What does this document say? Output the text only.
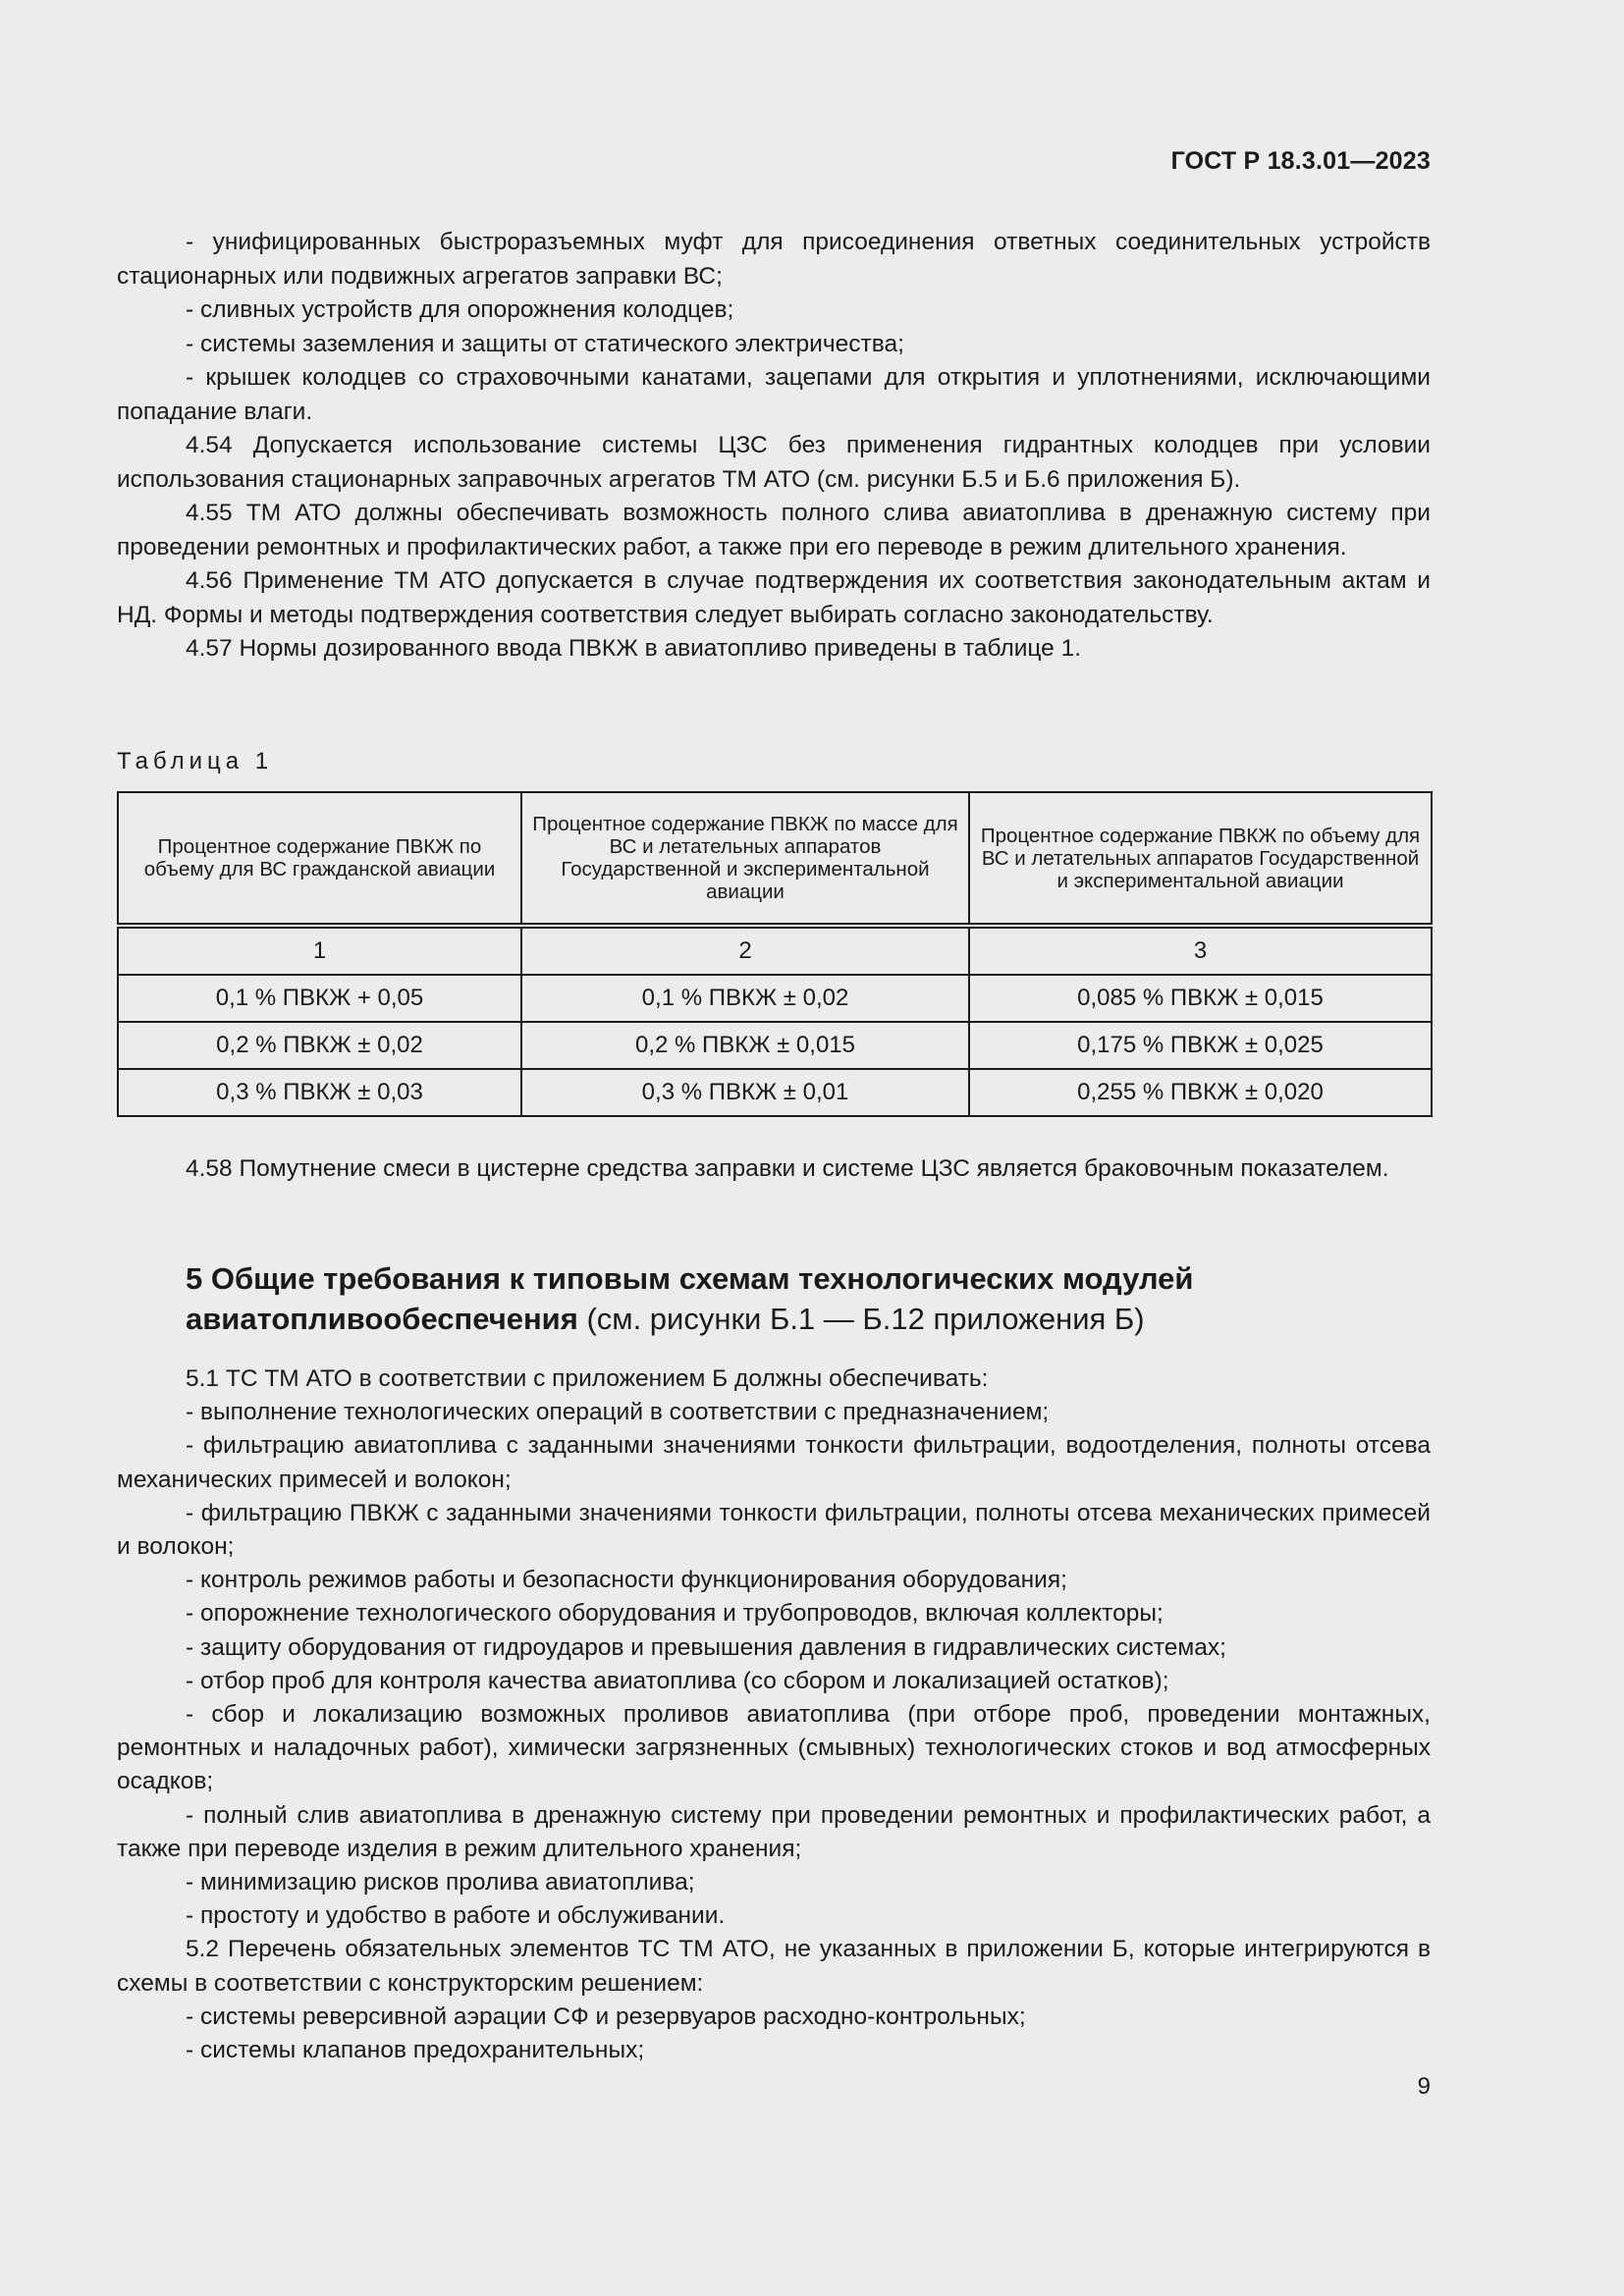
ГОСТ Р 18.3.01—2023

- унифицированных быстроразъемных муфт для присоединения ответных соединительных устройств стационарных или подвижных агрегатов заправки ВС;

- сливных устройств для опорожнения колодцев;

- системы заземления и защиты от статического электричества;

- крышек колодцев со страховочными канатами, зацепами для открытия и уплотнениями, исключающими попадание влаги.

4.54 Допускается использование системы ЦЗС без применения гидрантных колодцев при условии использования стационарных заправочных агрегатов ТМ АТО (см. рисунки Б.5 и Б.6 приложения Б).

4.55 ТМ АТО должны обеспечивать возможность полного слива авиатоплива в дренажную систему при проведении ремонтных и профилактических работ, а также при его переводе в режим длительного хранения.

4.56 Применение ТМ АТО допускается в случае подтверждения их соответствия законодательным актам и НД. Формы и методы подтверждения соответствия следует выбирать согласно законодательству.

4.57 Нормы дозированного ввода ПВКЖ в авиатопливо приведены в таблице 1.

Таблица 1
Процентное содержание ПВКЖ по объему для ВС гражданской авиации	Процентное содержание ПВКЖ по массе для ВС и летательных аппаратов Государственной и экспериментальной авиации	Процентное содержание ПВКЖ по объему для ВС и летательных аппаратов Государственной и экспериментальной авиации
1	2	3
0,1 % ПВКЖ + 0,05	0,1 % ПВКЖ ± 0,02	0,085 % ПВКЖ ± 0,015
0,2 % ПВКЖ ± 0,02	0,2 % ПВКЖ ± 0,015	0,175 % ПВКЖ ± 0,025
0,3 % ПВКЖ ± 0,03	0,3 % ПВКЖ ± 0,01	0,255 % ПВКЖ ± 0,020

4.58 Помутнение смеси в цистерне средства заправки и системе ЦЗС является браковочным показателем.

5 Общие требования к типовым схемам технологических модулей авиатопливообеспечения (см. рисунки Б.1 — Б.12 приложения Б)

5.1 ТС ТМ АТО в соответствии с приложением Б должны обеспечивать:

- выполнение технологических операций в соответствии с предназначением;

- фильтрацию авиатоплива с заданными значениями тонкости фильтрации, водоотделения, полноты отсева механических примесей и волокон;

- фильтрацию ПВКЖ с заданными значениями тонкости фильтрации, полноты отсева механических примесей и волокон;

- контроль режимов работы и безопасности функционирования оборудования;

- опорожнение технологического оборудования и трубопроводов, включая коллекторы;

- защиту оборудования от гидроударов и превышения давления в гидравлических системах;

- отбор проб для контроля качества авиатоплива (со сбором и локализацией остатков);

- сбор и локализацию возможных проливов авиатоплива (при отборе проб, проведении монтажных, ремонтных и наладочных работ), химически загрязненных (смывных) технологических стоков и вод атмосферных осадков;

- полный слив авиатоплива в дренажную систему при проведении ремонтных и профилактических работ, а также при переводе изделия в режим длительного хранения;

- минимизацию рисков пролива авиатоплива;

- простоту и удобство в работе и обслуживании.

5.2 Перечень обязательных элементов ТС ТМ АТО, не указанных в приложении Б, которые интегрируются в схемы в соответствии с конструкторским решением:

- системы реверсивной аэрации СФ и резервуаров расходно-контрольных;

- системы клапанов предохранительных;

9
